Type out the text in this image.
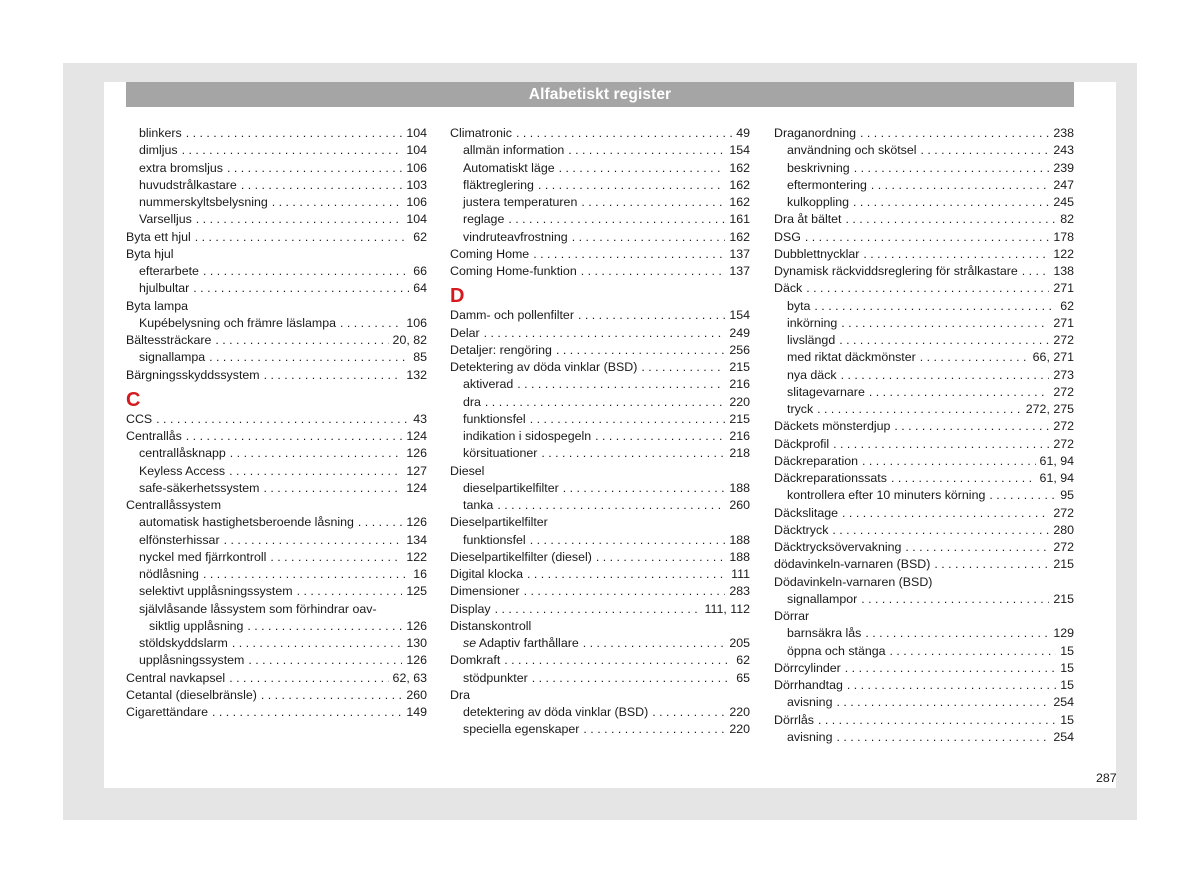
Alfabetiskt register
blinkers . . .	104
dimljus . . .	104
extra bromsljus . . .	106
huvudstrålkastare . . .	103
nummerskyltsbelysning . . .	106
Varselljus . . .	104
Byta ett hjul . . .	62
Byta hjul
efterarbete . . .	66
hjulbultar . . .	64
Byta lampa
Kupébelysning och främre läslampa . . .	106
Bältessträckare . . .	20, 82
signallampa . . .	85
Bärgningsskyddssystem . . .	132
C
CCS . . .	43
Centrallås . . .	124
centrallåsknapp . . .	126
Keyless Access . . .	127
safe-säkerhetssystem . . .	124
Centrallåssystem
automatisk hastighetsberoende låsning . . .	126
elfönsterhissar . . .	134
nyckel med fjärrkontroll . . .	122
nödlåsning . . .	16
selektivt upplåsningssystem . . .	125
självlåsande låssystem som förhindrar oav-
siktlig upplåsning . . .	126
stöldskyddslarm . . .	130
upplåsningssystem . . .	126
Central navkapsel . . .	62, 63
Cetantal (dieselbränsle) . . .	260
Cigarettändare . . .	149
Climatronic . . .	49
allmän information . . .	154
Automatiskt läge . . .	162
fläktreglering . . .	162
justera temperaturen . . .	162
reglage . . .	161
vindruteavfrostning . . .	162
Coming Home . . .	137
Coming Home-funktion . . .	137
D
Damm- och pollenfilter . . .	154
Delar . . .	249
Detaljer: rengöring . . .	256
Detektering av döda vinklar (BSD) . . .	215
aktiverad . . .	216
dra . . .	220
funktionsfel . . .	215
indikation i sidospegeln . . .	216
körsituationer . . .	218
Diesel
dieselpartikelfilter . . .	188
tanka . . .	260
Dieselpartikelfilter
funktionsfel . . .	188
Dieselpartikelfilter (diesel) . . .	188
Digital klocka . . .	111
Dimensioner . . .	283
Display . . .	111, 112
Distanskontroll
se Adaptiv farthållare . . .	205
Domkraft . . .	62
stödpunkter . . .	65
Dra
detektering av döda vinklar (BSD) . . .	220
speciella egenskaper . . .	220
Draganordning . . .	238
användning och skötsel . . .	243
beskrivning . . .	239
eftermontering . . .	247
kulkoppling . . .	245
Dra åt bältet . . .	82
DSG . . .	178
Dubblettnycklar . . .	122
Dynamisk räckviddsreglering för strålkastare . . .	138
Däck . . .	271
byta . . .	62
inkörning . . .	271
livslängd . . .	272
med riktat däckmönster . . .	66, 271
nya däck . . .	273
slitagevarnare . . .	272
tryck . . .	272, 275
Däckets mönsterdjup . . .	272
Däckprofil . . .	272
Däckreparation . . .	61, 94
Däckreparationssats . . .	61, 94
kontrollera efter 10 minuters körning . . .	95
Däckslitage . . .	272
Däcktryck . . .	280
Däcktrycksövervakning . . .	272
dödavinkeln-varnaren (BSD) . . .	215
Dödavinkeln-varnaren (BSD)
signallampor . . .	215
Dörrar
barnsäkra lås . . .	129
öppna och stänga . . .	15
Dörrcylinder . . .	15
Dörrhandtag . . .	15
avisning . . .	254
Dörrlås . . .	15
avisning . . .	254
287
